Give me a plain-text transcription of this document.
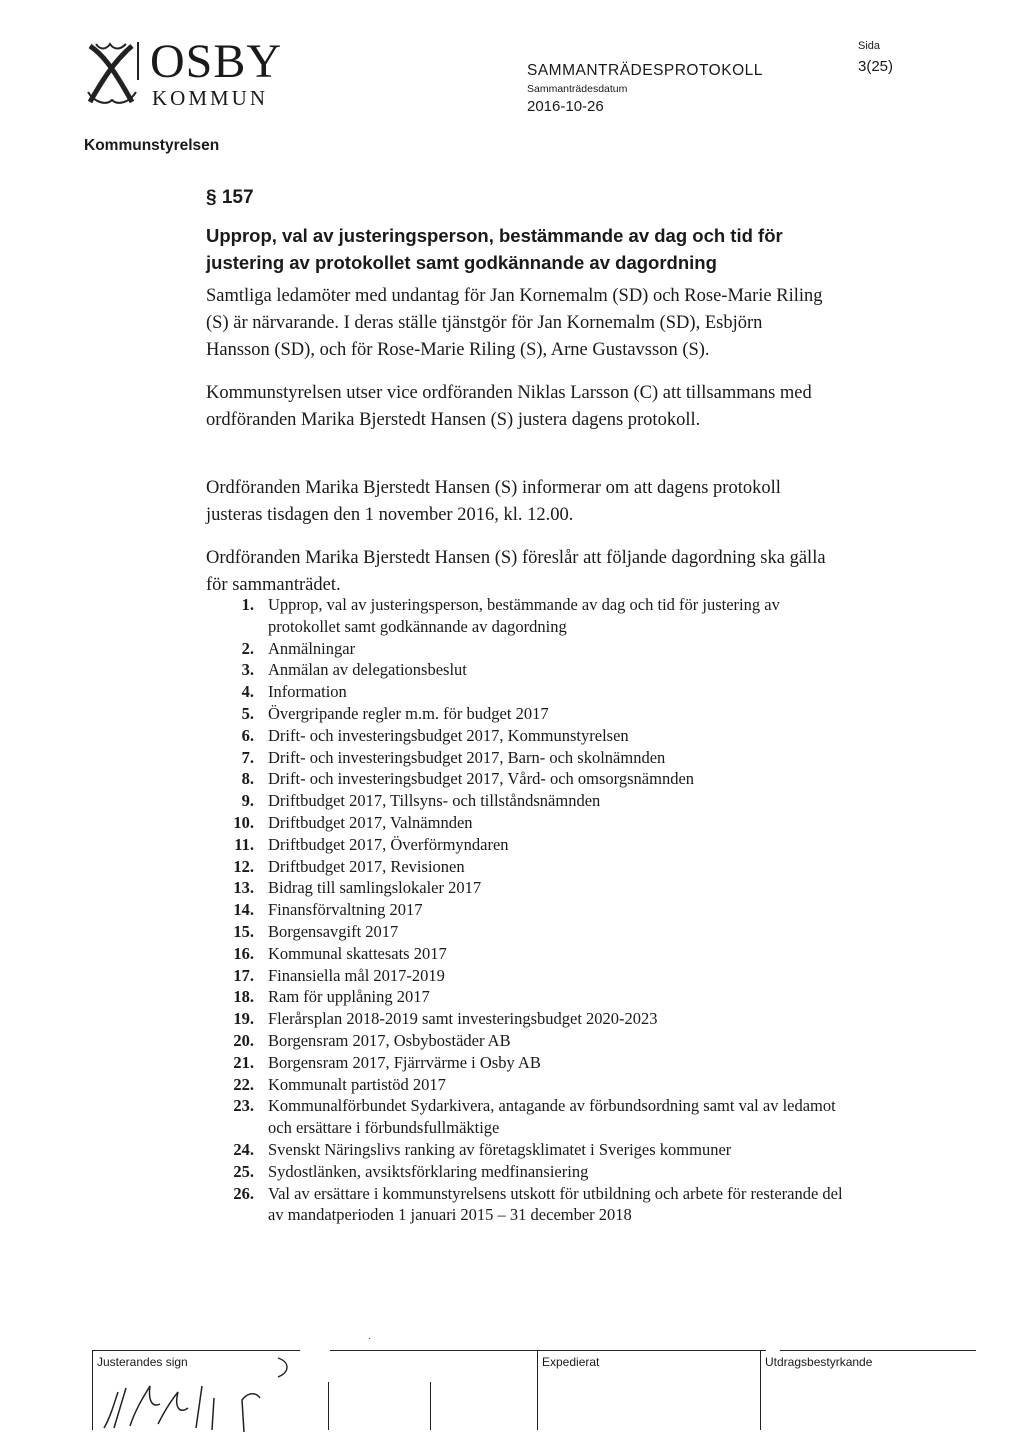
OSBY
KOMMUN
SAMMANTRÄDESPROTOKOLL
Sammanträdesdatum
2016-10-26
Sida
3(25)
Kommunstyrelsen
§ 157
Upprop, val av justeringsperson, bestämmande av dag och tid för justering av protokollet samt godkännande av dagordning
Samtliga ledamöter med undantag för Jan Kornemalm (SD) och Rose-Marie Riling (S) är närvarande. I deras ställe tjänstgör för Jan Kornemalm (SD), Esbjörn Hansson (SD), och för Rose-Marie Riling (S), Arne Gustavsson (S).
Kommunstyrelsen utser vice ordföranden Niklas Larsson (C) att tillsammans med ordföranden Marika Bjerstedt Hansen (S) justera dagens protokoll.
Ordföranden Marika Bjerstedt Hansen (S) informerar om att dagens protokoll justeras tisdagen den 1 november 2016, kl. 12.00.
Ordföranden Marika Bjerstedt Hansen (S) föreslår att följande dagordning ska gälla för sammanträdet.
1. Upprop, val av justeringsperson, bestämmande av dag och tid för justering av protokollet samt godkännande av dagordning
2. Anmälningar
3. Anmälan av delegationsbeslut
4. Information
5. Övergripande regler m.m. för budget 2017
6. Drift- och investeringsbudget 2017, Kommunstyrelsen
7. Drift- och investeringsbudget 2017, Barn- och skolnämnden
8. Drift- och investeringsbudget 2017, Vård- och omsorgsnämnden
9. Driftbudget 2017, Tillsyns- och tillståndsnämnden
10. Driftbudget 2017, Valnämnden
11. Driftbudget 2017, Överförmyndaren
12. Driftbudget 2017, Revisionen
13. Bidrag till samlingslokaler 2017
14. Finansförvaltning 2017
15. Borgensavgift 2017
16. Kommunal skattesats 2017
17. Finansiella mål 2017-2019
18. Ram för upplåning 2017
19. Flerårsplan 2018-2019 samt investeringsbudget 2020-2023
20. Borgensram 2017, Osbybostäder AB
21. Borgensram 2017, Fjärrvärme i Osby AB
22. Kommunalt partistöd 2017
23. Kommunalförbundet Sydarkivera, antagande av förbundsordning samt val av ledamot och ersättare i förbundsfullmäktige
24. Svenskt Näringslivs ranking av företagsklimatet i Sveriges kommuner
25. Sydostlänken, avsiktsförklaring medfinansiering
26. Val av ersättare i kommunstyrelsens utskott för utbildning och arbete för resterande del av mandatperioden 1 januari 2015 – 31 december 2018
·
Justerandes sign	Expedierat	Utdragsbestyrkande
